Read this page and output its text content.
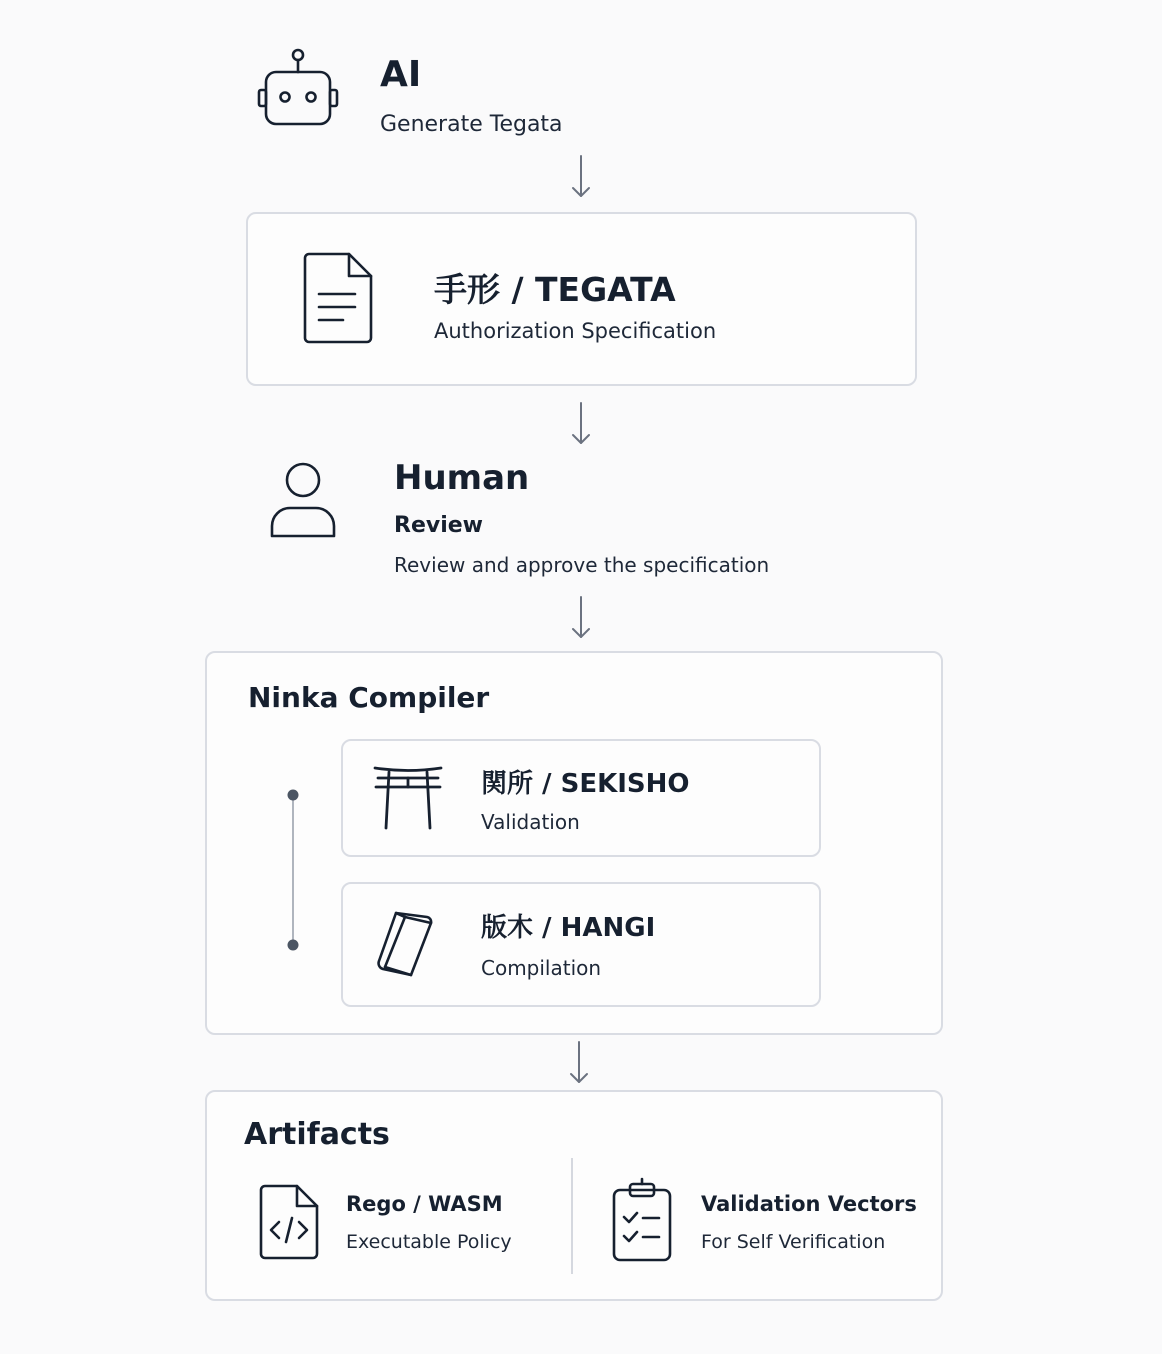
AI
Generate Tegata
手形 / TEGATA
Authorization Specification
Human
Review
Review and approve the specification
Ninka Compiler
関所 / SEKISHO
Validation
版木 / HANGI
Compilation
Artifacts
Rego / WASM
Executable Policy
Validation Vectors
For Self Verification
